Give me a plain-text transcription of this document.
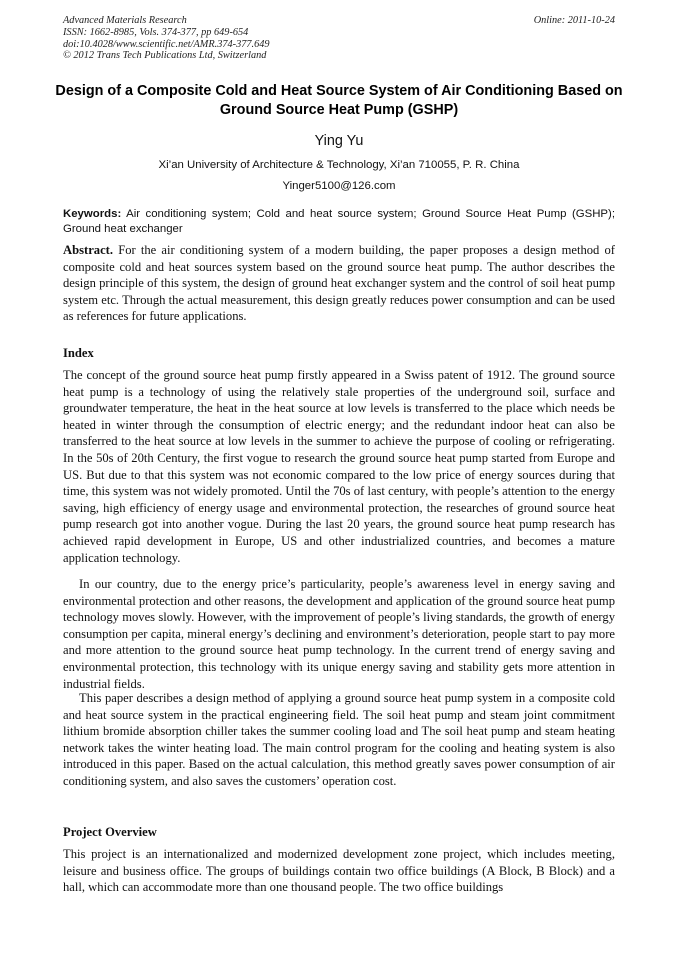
Advanced Materials Research
ISSN: 1662-8985, Vols. 374-377, pp 649-654
doi:10.4028/www.scientific.net/AMR.374-377.649
© 2012 Trans Tech Publications Ltd, Switzerland
Online: 2011-10-24
Design of a Composite Cold and Heat Source System of Air Conditioning Based on Ground Source Heat Pump (GSHP)
Ying Yu
Xi’an University of Architecture & Technology, Xi’an 710055, P. R. China
Yinger5100@126.com
Keywords: Air conditioning system; Cold and heat source system; Ground Source Heat Pump (GSHP); Ground heat exchanger
Abstract. For the air conditioning system of a modern building, the paper proposes a design method of composite cold and heat sources system based on the ground source heat pump. The author describes the design principle of this system, the design of ground heat exchanger system and the control of soil heat pump system etc. Through the actual measurement, this design greatly reduces power consumption and can be used as references for future applications.
Index
The concept of the ground source heat pump firstly appeared in a Swiss patent of 1912. The ground source heat pump is a technology of using the relatively stale properties of the underground soil, surface and groundwater temperature, the heat in the heat source at low levels is transferred to the place which needs be heated in winter through the consumption of electric energy; and the redundant indoor heat can also be transferred to the heat source at low levels in the summer to achieve the purpose of cooling or refrigerating. In the 50s of 20th Century, the first vogue to research the ground source heat pump started from Europe and US. But due to that this system was not economic compared to the low price of energy sources during that time, this system was not widely promoted. Until the 70s of last century, with people’s attention to the energy saving, high efficiency of energy usage and environmental protection, the researches of ground source heat pump research got into another vogue. During the last 20 years, the ground source heat pump research has achieved rapid development in Europe, US and other industrialized countries, and becomes a mature application technology.
In our country, due to the energy price’s particularity, people’s awareness level in energy saving and environmental protection and other reasons, the development and application of the ground source heat pump technology moves slowly. However, with the improvement of people’s living standards, the growth of energy consumption per capita, mineral energy’s declining and environment’s deterioration, people start to pay more and more attention to the ground source heat pump technology. In the current trend of energy saving and environmental protection, this technology with its unique energy saving and stability gets more attention in industrial fields.
This paper describes a design method of applying a ground source heat pump system in a composite cold and heat source system in the practical engineering field. The soil heat pump and steam joint commitment lithium bromide absorption chiller takes the summer cooling load and The soil heat pump and steam heating network takes the winter heating load. The main control program for the cooling and heating system is also introduced in this paper. Based on the actual calculation, this method greatly saves power consumption of air conditioning system, and also saves the customers’ operation cost.
Project Overview
This project is an internationalized and modernized development zone project, which includes meeting, leisure and business office. The groups of buildings contain two office buildings (A Block, B Block) and a hall, which can accommodate more than one thousand people. The two office buildings
